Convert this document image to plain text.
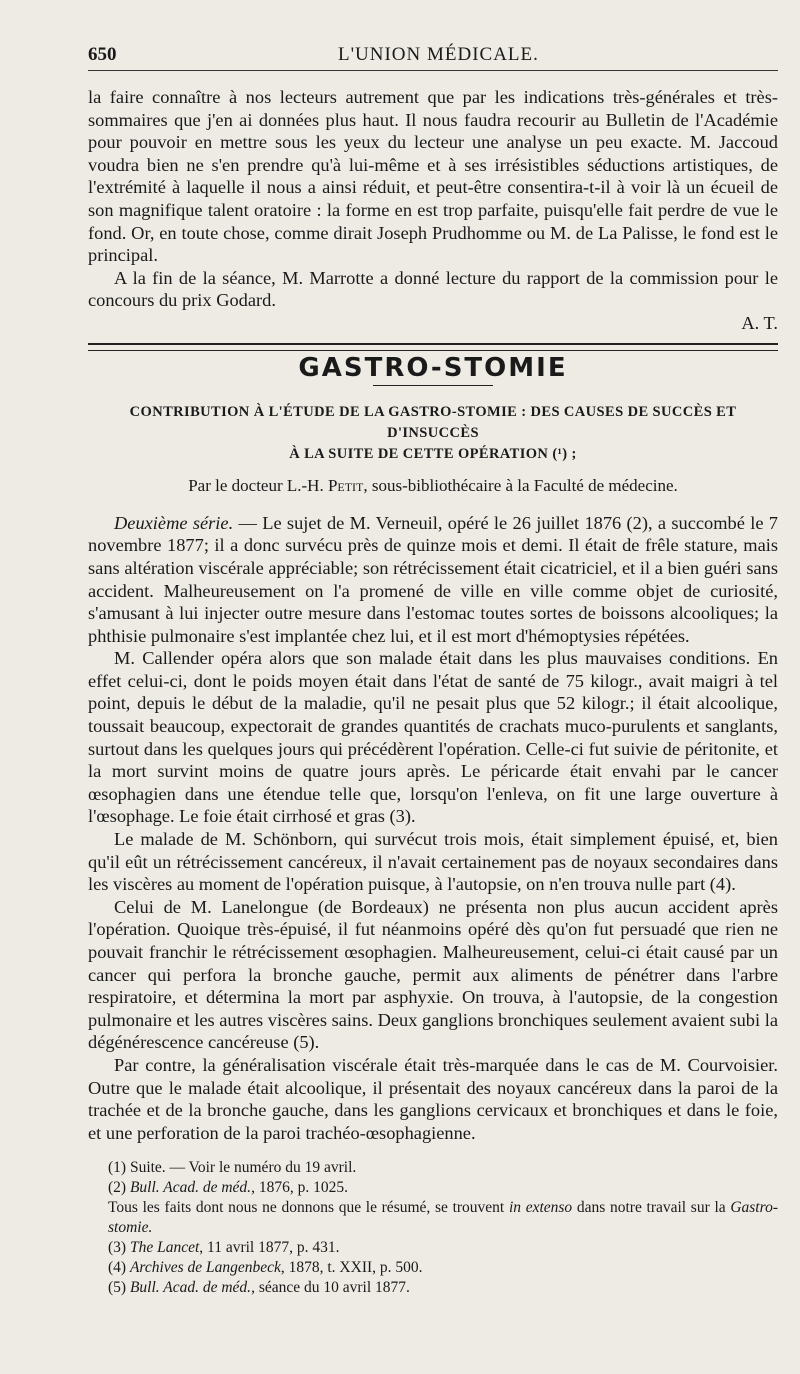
650	L'UNION MÉDICALE.

la faire connaître à nos lecteurs autrement que par les indications très-générales et très-sommaires que j'en ai données plus haut. Il nous faudra recourir au Bulletin de l'Académie pour pouvoir en mettre sous les yeux du lecteur une analyse un peu exacte. M. Jaccoud voudra bien ne s'en prendre qu'à lui-même et à ses irrésistibles séductions artistiques, de l'extrémité à laquelle il nous a ainsi réduit, et peut-être consentira-t-il à voir là un écueil de son magnifique talent oratoire : la forme en est trop parfaite, puisqu'elle fait perdre de vue le fond. Or, en toute chose, comme dirait Joseph Prudhomme ou M. de La Palisse, le fond est le principal.

A la fin de la séance, M. Marrotte a donné lecture du rapport de la commission pour le concours du prix Godard.

A. T.
GASTRO-STOMIE
CONTRIBUTION À L'ÉTUDE DE LA GASTRO-STOMIE : DES CAUSES DE SUCCÈS ET D'INSUCCÈS
À LA SUITE DE CETTE OPÉRATION (¹) ;
Par le docteur L.-H. Petit, sous-bibliothécaire à la Faculté de médecine.

Deuxième série. — Le sujet de M. Verneuil, opéré le 26 juillet 1876 (2), a succombé le 7 novembre 1877; il a donc survécu près de quinze mois et demi. Il était de frêle stature, mais sans altération viscérale appréciable; son rétrécissement était cicatriciel, et il a bien guéri sans accident. Malheureusement on l'a promené de ville en ville comme objet de curiosité, s'amusant à lui injecter outre mesure dans l'estomac toutes sortes de boissons alcooliques; la phthisie pulmonaire s'est implantée chez lui, et il est mort d'hémoptysies répétées.

M. Callender opéra alors que son malade était dans les plus mauvaises conditions. En effet celui-ci, dont le poids moyen était dans l'état de santé de 75 kilogr., avait maigri à tel point, depuis le début de la maladie, qu'il ne pesait plus que 52 kilogr.; il était alcoolique, toussait beaucoup, expectorait de grandes quantités de crachats muco-purulents et sanglants, surtout dans les quelques jours qui précédèrent l'opération. Celle-ci fut suivie de péritonite, et la mort survint moins de quatre jours après. Le péricarde était envahi par le cancer œsophagien dans une étendue telle que, lorsqu'on l'enleva, on fit une large ouverture à l'œsophage. Le foie était cirrhosé et gras (3).

Le malade de M. Schönborn, qui survécut trois mois, était simplement épuisé, et, bien qu'il eût un rétrécissement cancéreux, il n'avait certainement pas de noyaux secondaires dans les viscères au moment de l'opération puisque, à l'autopsie, on n'en trouva nulle part (4).

Celui de M. Lanelongue (de Bordeaux) ne présenta non plus aucun accident après l'opération. Quoique très-épuisé, il fut néanmoins opéré dès qu'on fut persuadé que rien ne pouvait franchir le rétrécissement œsophagien. Malheureusement, celui-ci était causé par un cancer qui perfora la bronche gauche, permit aux aliments de pénétrer dans l'arbre respiratoire, et détermina la mort par asphyxie. On trouva, à l'autopsie, de la congestion pulmonaire et les autres viscères sains. Deux ganglions bronchiques seulement avaient subi la dégénérescence cancéreuse (5).

Par contre, la généralisation viscérale était très-marquée dans le cas de M. Courvoisier. Outre que le malade était alcoolique, il présentait des noyaux cancéreux dans la paroi de la trachée et de la bronche gauche, dans les ganglions cervicaux et bronchiques et dans le foie, et une perforation de la paroi trachéo-œsophagienne.

(1) Suite. — Voir le numéro du 19 avril.
(2) Bull. Acad. de méd., 1876, p. 1025.
Tous les faits dont nous ne donnons que le résumé, se trouvent in extenso dans notre travail sur la Gastro-stomie.
(3) The Lancet, 11 avril 1877, p. 431.
(4) Archives de Langenbeck, 1878, t. XXII, p. 500.
(5) Bull. Acad. de méd., séance du 10 avril 1877.
